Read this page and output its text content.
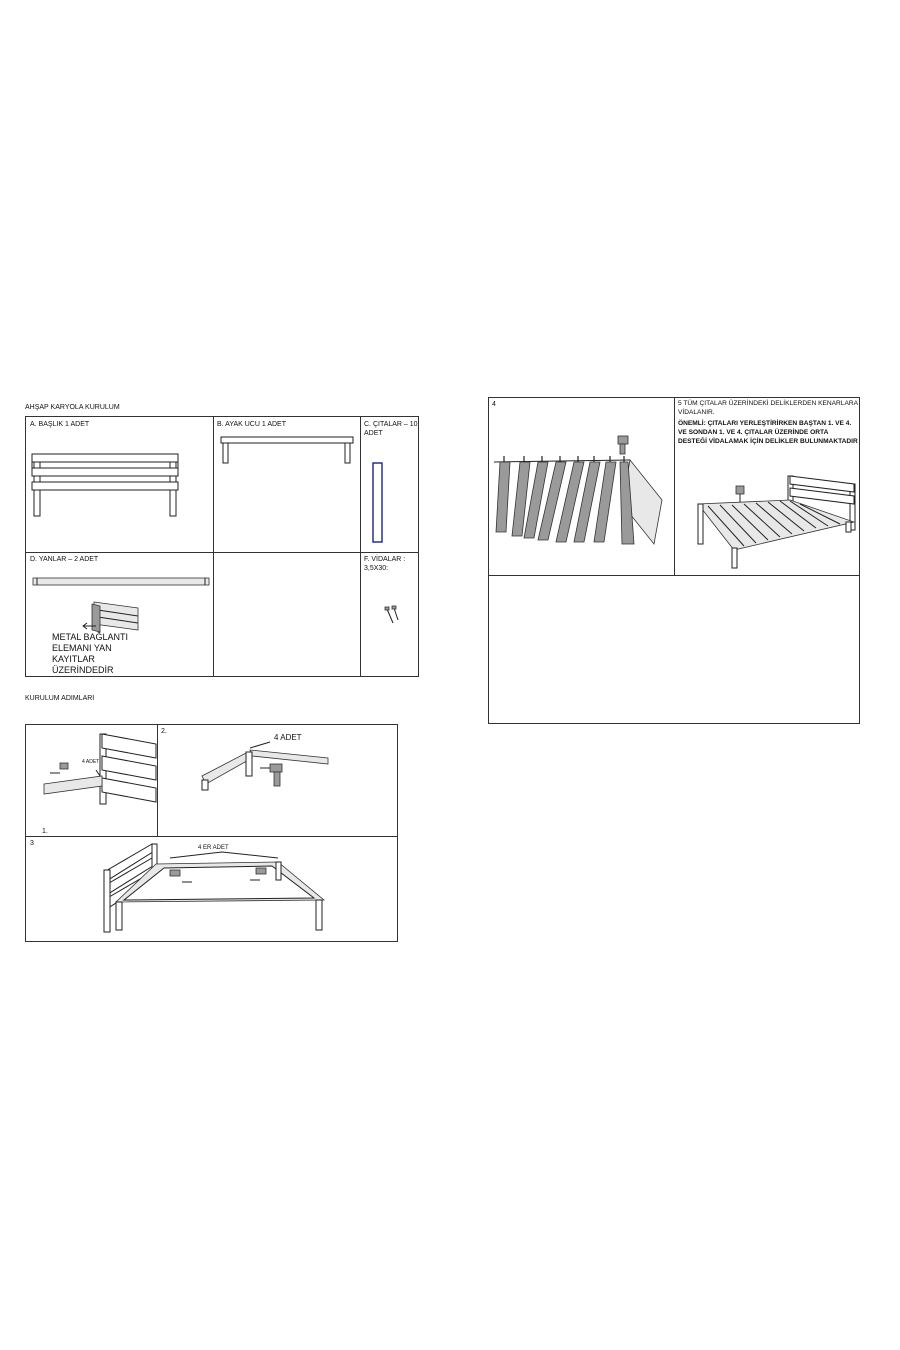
AHŞAP KARYOLA KURULUM
A. BAŞLIK 1 ADET	B. AYAK UCU 1 ADET	C. ÇITALAR – 10
ADET
D. YANLAR – 2 ADET	F. VİDALAR :
3,5X30:
METAL BAĞLANTI
ELEMANI YAN
KAYITLAR
ÜZERİNDEDİR
KURULUM ADIMLARI
4 ADET
1.
2.
4 ADET
3
4 ER ADET
4	5 TÜM ÇITALAR ÜZERİNDEKİ DELİKLERDEN KENARLARA VİDALANIR.
ÖNEMLİ: ÇITALARI YERLEŞTİRİRKEN BAŞTAN 1. VE 4. VE SONDAN 1. VE 4. ÇITALAR ÜZERİNDE ORTA DESTEĞİ VİDALAMAK İÇİN DELİKLER BULUNMAKTADIR
